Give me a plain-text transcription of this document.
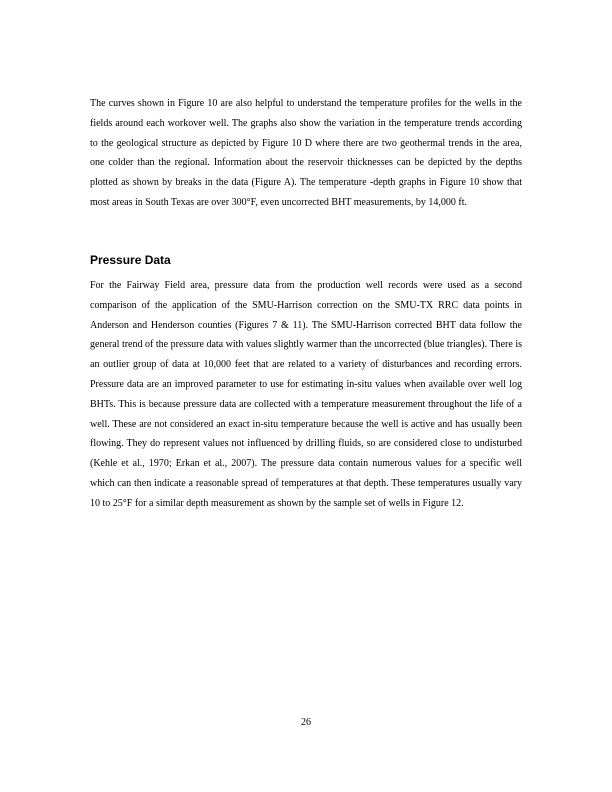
The curves shown in Figure 10 are also helpful to understand the temperature profiles for the wells in the fields around each workover well. The graphs also show the variation in the temperature trends according to the geological structure as depicted by Figure 10 D where there are two geothermal trends in the area, one colder than the regional. Information about the reservoir thicknesses can be depicted by the depths plotted as shown by breaks in the data (Figure A). The temperature -depth graphs in Figure 10 show that most areas in South Texas are over 300°F, even uncorrected BHT measurements, by 14,000 ft.

Pressure Data

For the Fairway Field area, pressure data from the production well records were used as a second comparison of the application of the SMU-Harrison correction on the SMU-TX RRC data points in Anderson and Henderson counties (Figures 7 & 11). The SMU-Harrison corrected BHT data follow the general trend of the pressure data with values slightly warmer than the uncorrected (blue triangles). There is an outlier group of data at 10,000 feet that are related to a variety of disturbances and recording errors. Pressure data are an improved parameter to use for estimating in-situ values when available over well log BHTs. This is because pressure data are collected with a temperature measurement throughout the life of a well. These are not considered an exact in-situ temperature because the well is active and has usually been flowing. They do represent values not influenced by drilling fluids, so are considered close to undisturbed (Kehle et al., 1970; Erkan et al., 2007). The pressure data contain numerous values for a specific well which can then indicate a reasonable spread of temperatures at that depth. These temperatures usually vary 10 to 25°F for a similar depth measurement as shown by the sample set of wells in Figure 12.

26
